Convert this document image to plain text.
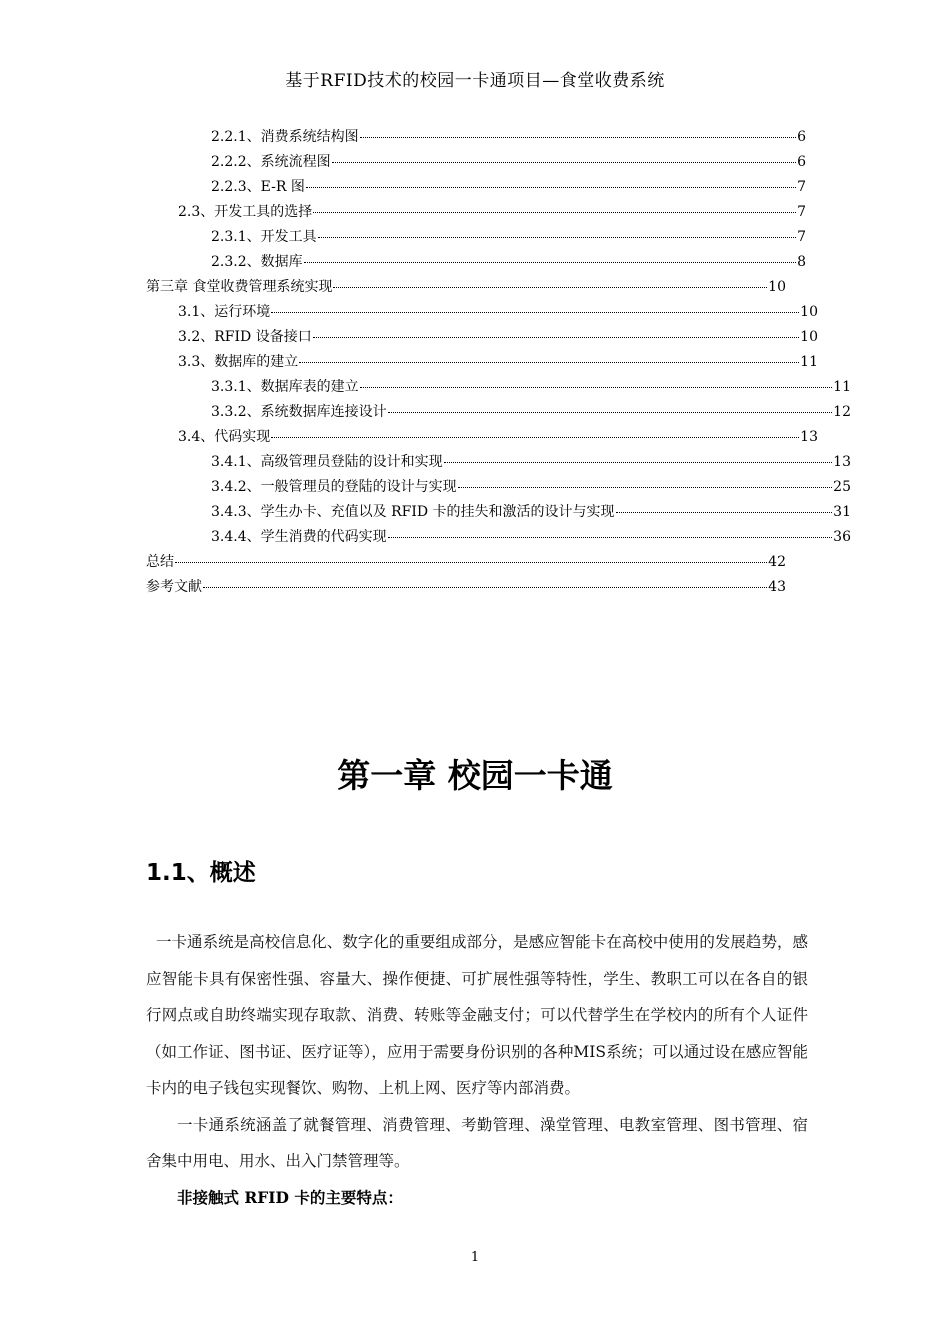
基于RFID技术的校园一卡通项目—食堂收费系统
2.2.1、消费系统结构图	6
2.2.2、系统流程图	6
2.2.3、E-R 图	7
2.3、开发工具的选择	7
2.3.1、开发工具	7
2.3.2、数据库	8
第三章 食堂收费管理系统实现	10
3.1、运行环境	10
3.2、RFID 设备接口	10
3.3、数据库的建立	11
3.3.1、数据库表的建立	11
3.3.2、系统数据库连接设计	12
3.4、代码实现	13
3.4.1、高级管理员登陆的设计和实现	13
3.4.2、一般管理员的登陆的设计与实现	25
3.4.3、学生办卡、充值以及 RFID 卡的挂失和激活的设计与实现	31
3.4.4、学生消费的代码实现	36
总结	42
参考文献	43
第一章 校园一卡通
1.1、概述

一卡通系统是高校信息化、数字化的重要组成部分，是感应智能卡在高校中使用的发展趋势，感应智能卡具有保密性强、容量大、操作便捷、可扩展性强等特性，学生、教职工可以在各自的银行网点或自助终端实现存取款、消费、转账等金融支付；可以代替学生在学校内的所有个人证件（如工作证、图书证、医疗证等），应用于需要身份识别的各种MIS系统；可以通过设在感应智能卡内的电子钱包实现餐饮、购物、上机上网、医疗等内部消费。

一卡通系统涵盖了就餐管理、消费管理、考勤管理、澡堂管理、电教室管理、图书管理、宿舍集中用电、用水、出入门禁管理等。

非接触式 RFID 卡的主要特点：

1
